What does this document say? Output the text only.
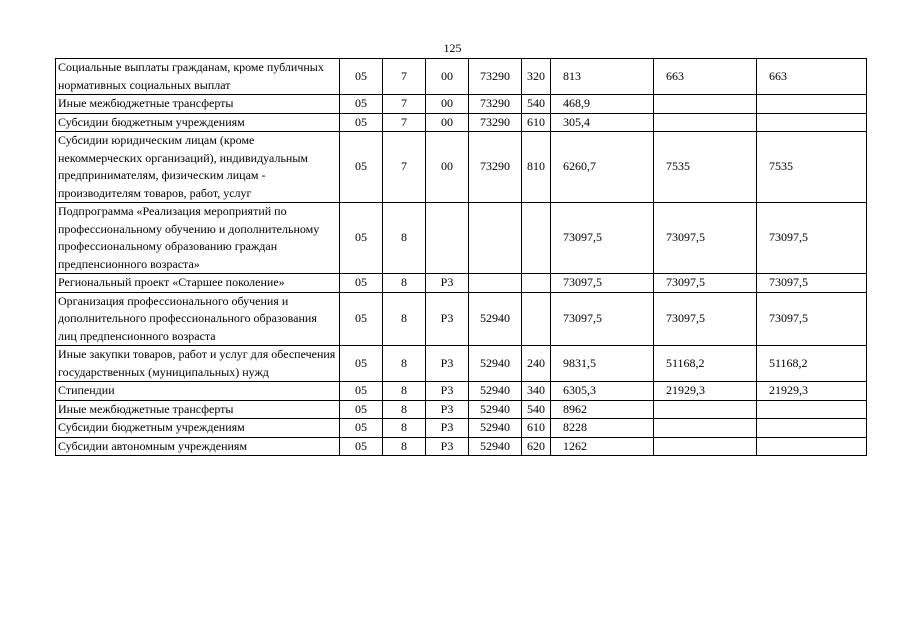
125
Социальные выплаты гражданам, кроме публичных нормативных социальных выплат	05	7	00	73290	320	813	663	663
Иные межбюджетные трансферты	05	7	00	73290	540	468,9		
Субсидии бюджетным учреждениям	05	7	00	73290	610	305,4		
Субсидии юридическим лицам (кроме некоммерческих организаций), индивидуальным предпринимателям, физическим лицам - производителям товаров, работ, услуг	05	7	00	73290	810	6260,7	7535	7535
Подпрограмма «Реализация мероприятий по профессиональному обучению и дополнительному профессиональному образованию граждан предпенсионного возраста»	05	8				73097,5	73097,5	73097,5
Региональный проект «Старшее поколение»	05	8	P3			73097,5	73097,5	73097,5
Организация профессионального обучения и дополнительного профессионального образования лиц предпенсионного возраста	05	8	P3	52940		73097,5	73097,5	73097,5
Иные закупки товаров, работ и услуг для обеспечения государственных (муниципальных) нужд	05	8	P3	52940	240	9831,5	51168,2	51168,2
Стипендии	05	8	P3	52940	340	6305,3	21929,3	21929,3
Иные межбюджетные трансферты	05	8	P3	52940	540	8962		
Субсидии бюджетным учреждениям	05	8	P3	52940	610	8228		
Субсидии автономным учреждениям	05	8	P3	52940	620	1262		
